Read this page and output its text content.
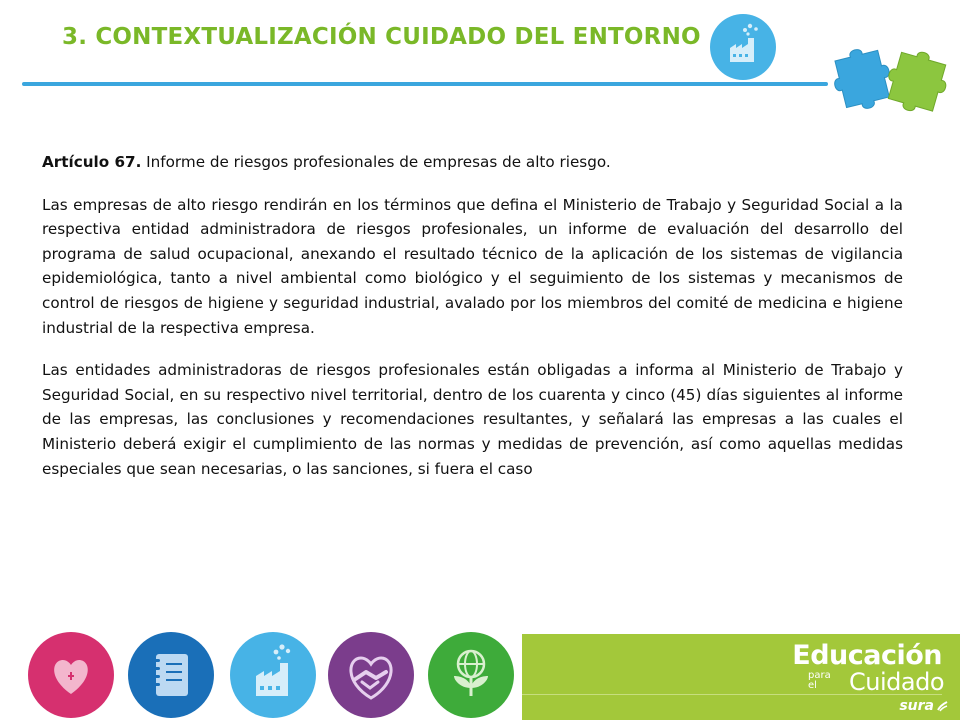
3. CONTEXTUALIZACIÓN CUIDADO DEL ENTORNO

Artículo 67. Informe de riesgos profesionales de empresas de alto riesgo.

Las empresas de alto riesgo rendirán en los términos que defina el Ministerio de Trabajo y Seguridad Social a la respectiva entidad administradora de riesgos profesionales, un informe de evaluación del desarrollo del programa de salud ocupacional, anexando el resultado técnico de la aplicación de los sistemas de vigilancia epidemiológica, tanto a nivel ambiental como biológico y el seguimiento de los sistemas y mecanismos de control de riesgos de higiene y seguridad industrial, avalado por los miembros del comité de medicina e higiene industrial de la respectiva empresa.

Las entidades administradoras de riesgos profesionales están obligadas a informa al Ministerio de Trabajo y Seguridad Social, en su respectivo nivel territorial, dentro de los cuarenta y cinco (45) días siguientes al informe de las empresas, las conclusiones y recomendaciones resultantes, y señalará las empresas a las cuales el Ministerio deberá exigir el cumplimiento de las normas y medidas de prevención, así como aquellas medidas especiales que sean necesarias, o las sanciones, si fuera el caso

Educación
para
el	Cuidado
sura
